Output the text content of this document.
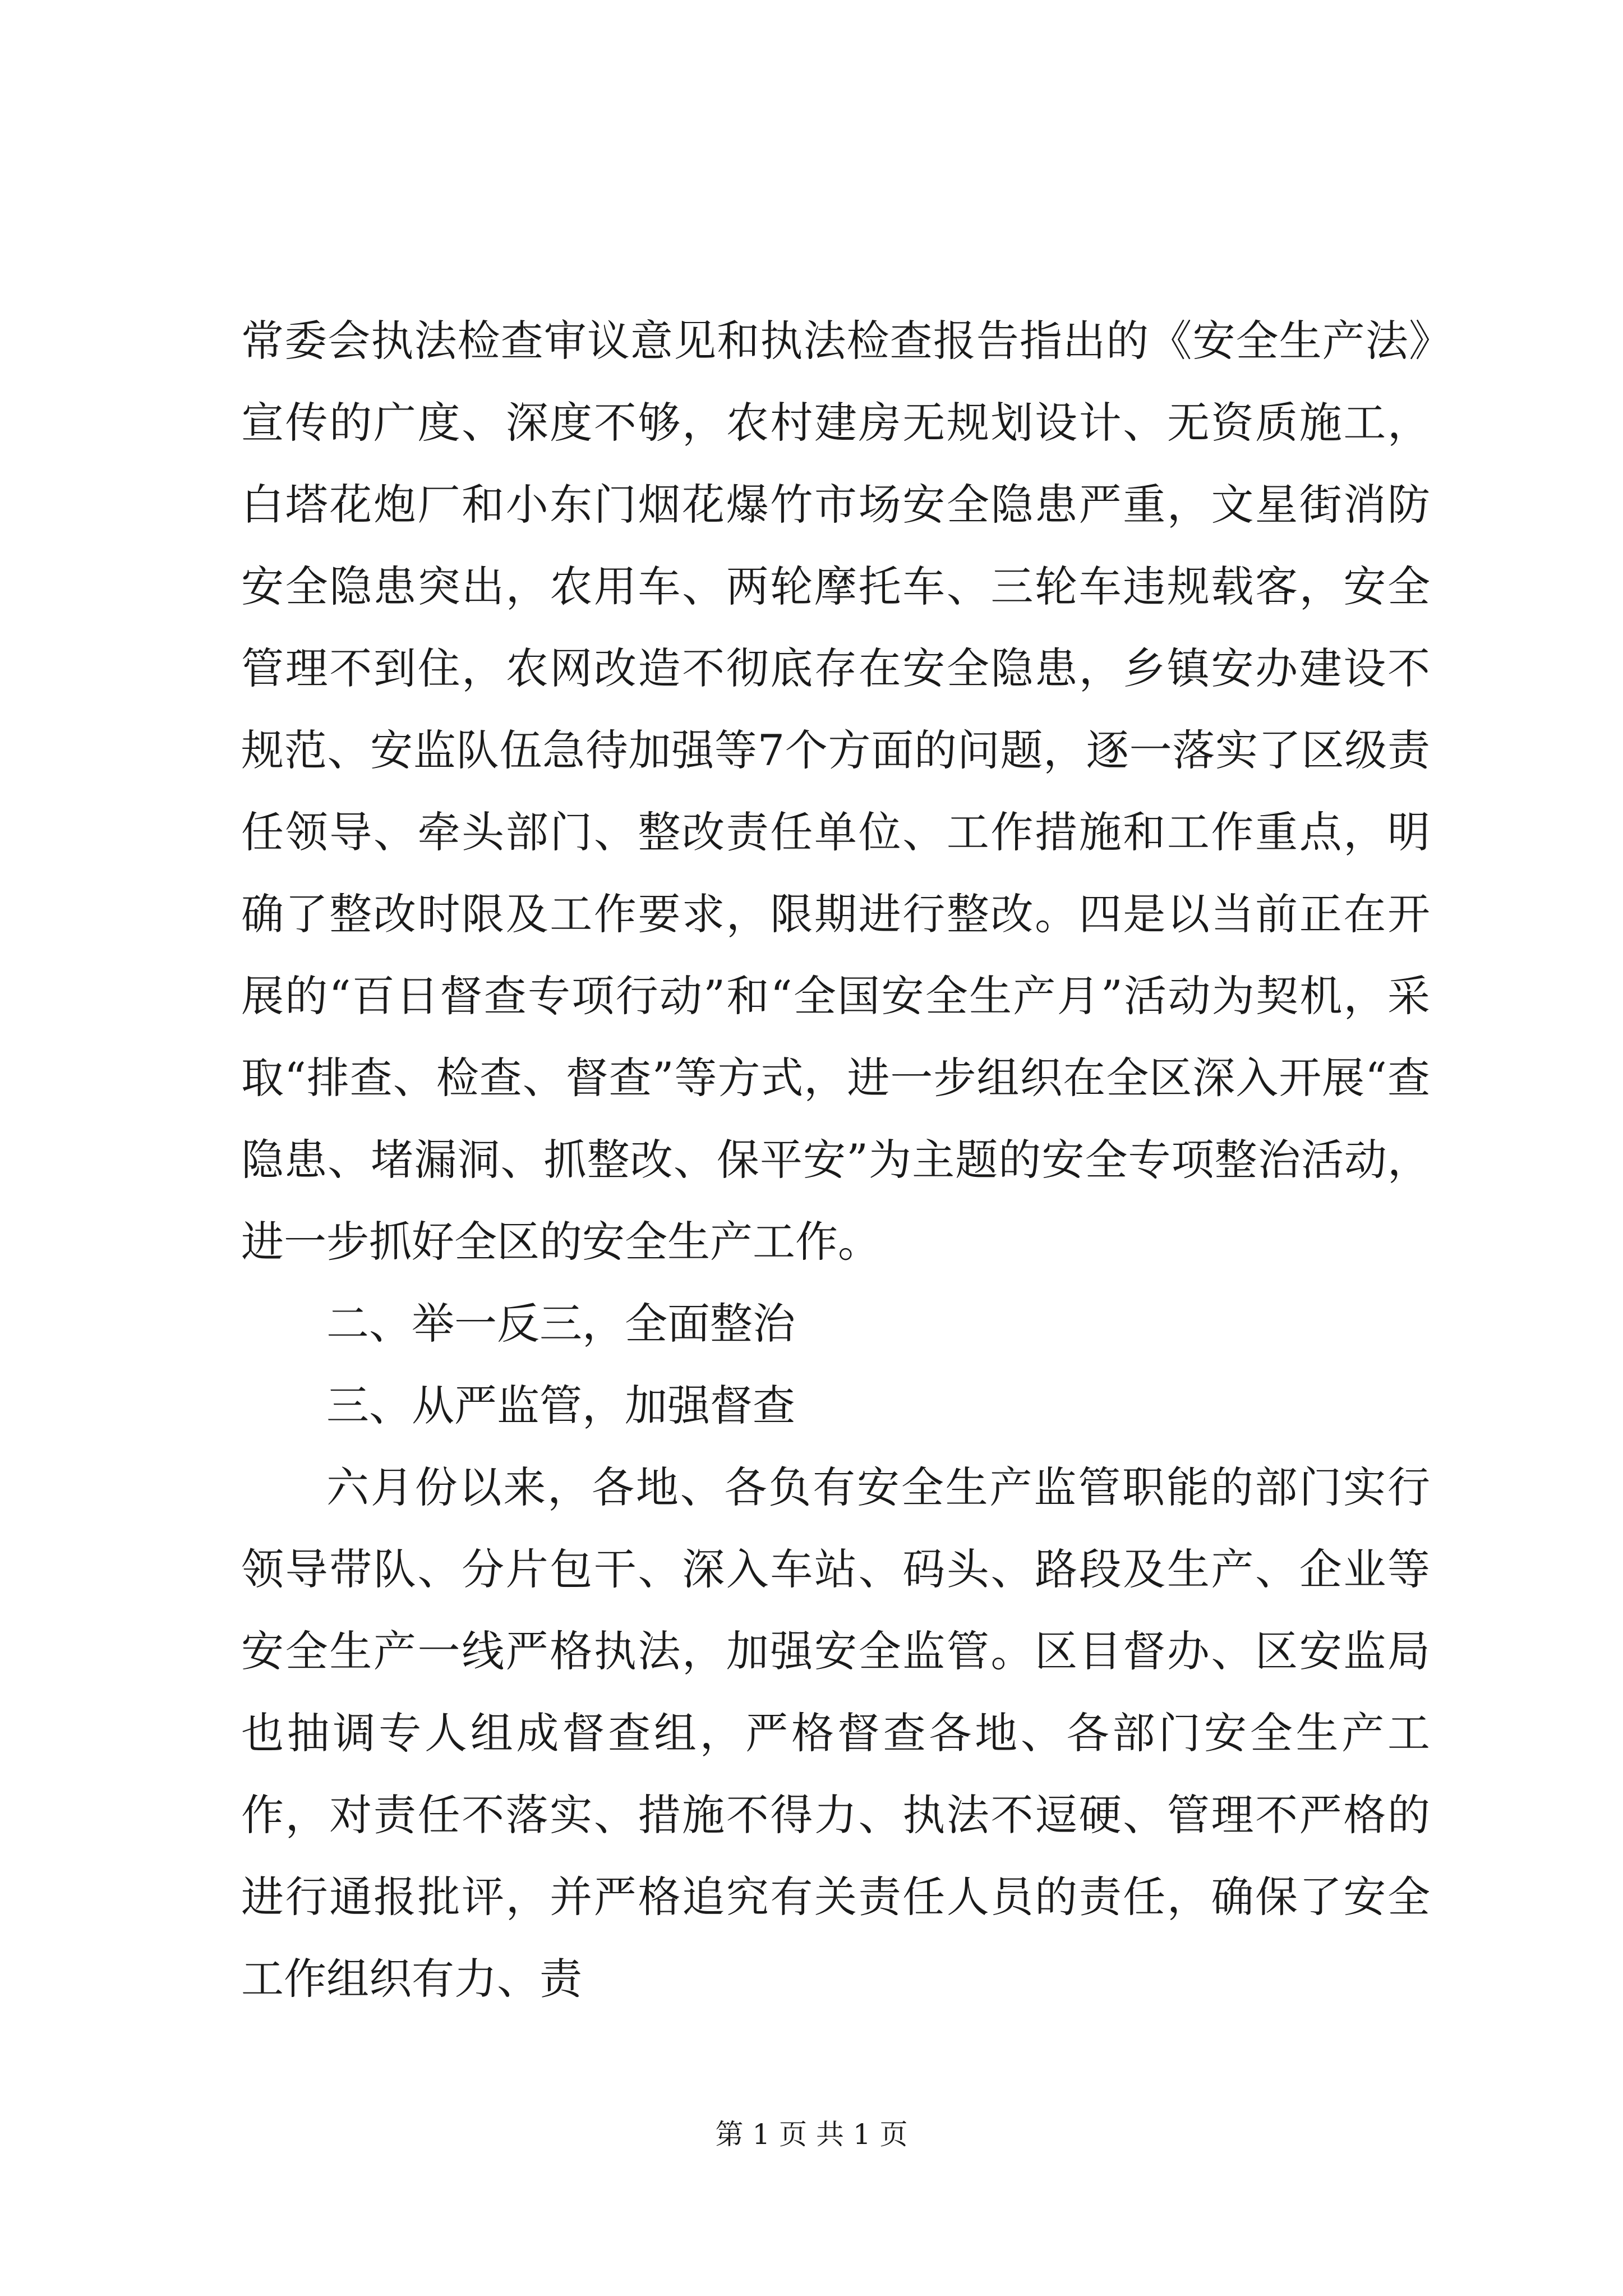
常委会执法检查审议意见和执法检查报告指出的《安全生产法》宣传的广度、深度不够，农村建房无规划设计、无资质施工，白塔花炮厂和小东门烟花爆竹市场安全隐患严重，文星街消防安全隐患突出，农用车、两轮摩托车、三轮车违规载客，安全管理不到住，农网改造不彻底存在安全隐患，乡镇安办建设不规范、安监队伍急待加强等7个方面的问题，逐一落实了区级责任领导、牵头部门、整改责任单位、工作措施和工作重点，明确了整改时限及工作要求，限期进行整改。四是以当前正在开展的“百日督查专项行动”和“全国安全生产月”活动为契机，采取“排查、检查、督查”等方式，进一步组织在全区深入开展“查隐患、堵漏洞、抓整改、保平安”为主题的安全专项整治活动，进一步抓好全区的安全生产工作。

二、举一反三，全面整治

三、从严监管，加强督查

六月份以来，各地、各负有安全生产监管职能的部门实行领导带队、分片包干、深入车站、码头、路段及生产、企业等安全生产一线严格执法，加强安全监管。区目督办、区安监局也抽调专人组成督查组，严格督查各地、各部门安全生产工作，对责任不落实、措施不得力、执法不逗硬、管理不严格的进行通报批评，并严格追究有关责任人员的责任，确保了安全工作组织有力、责

第 1 页 共 1 页
